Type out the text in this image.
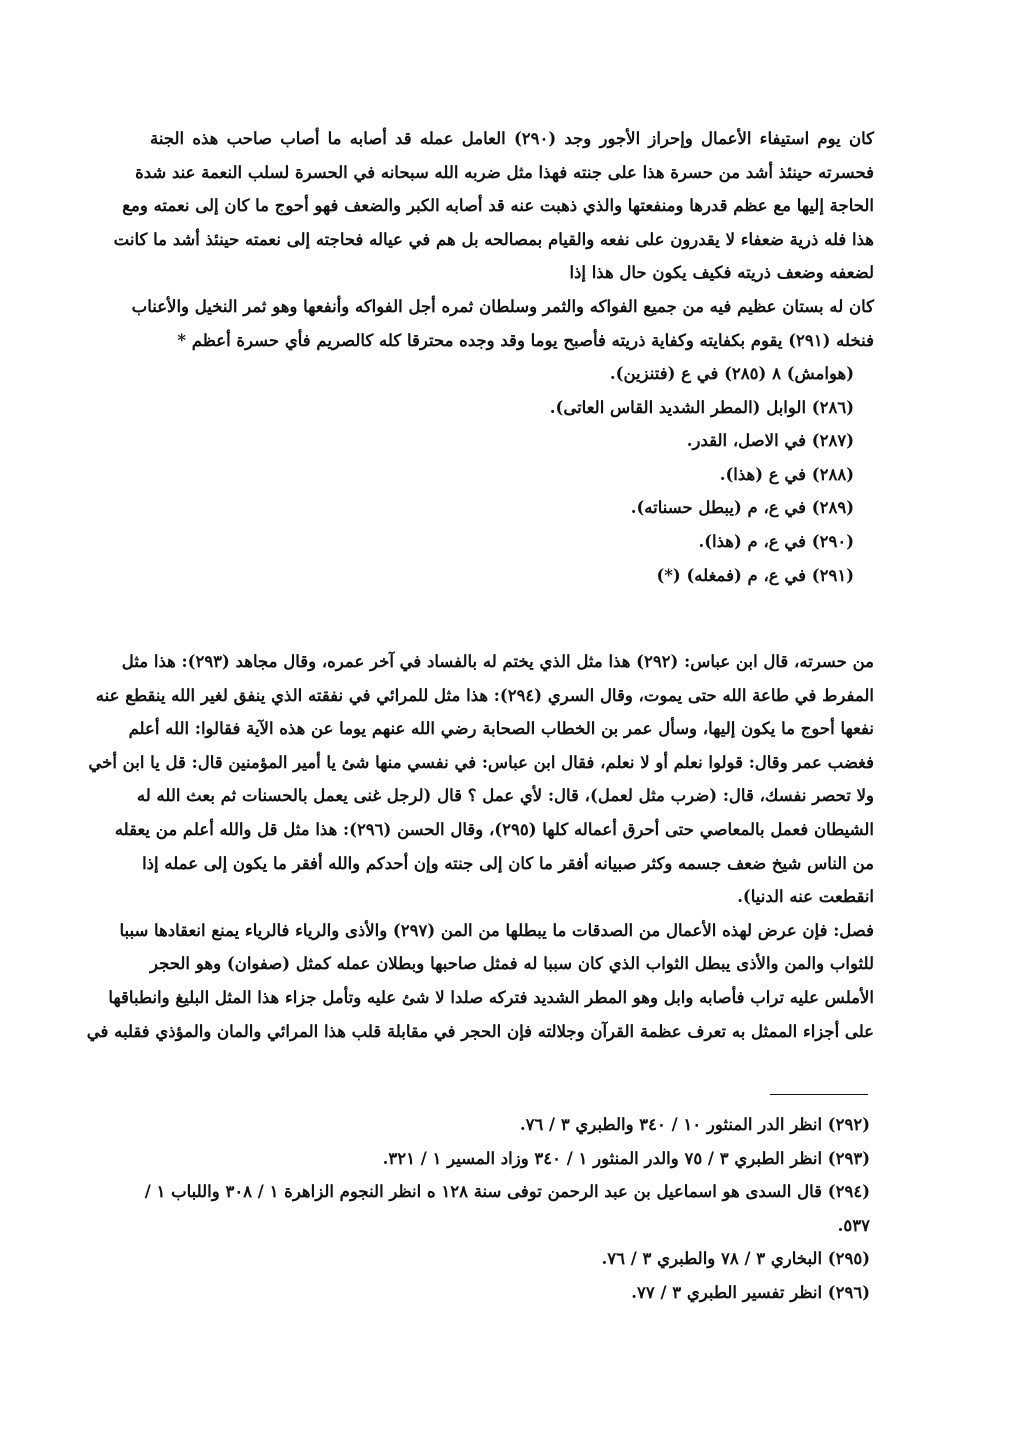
كان يوم استيفاء الأعمال وإحراز الأجور وجد (٢٩٠) العامل عمله قد أصابه ما أصاب صاحب هذه الجنة
فحسرته حينئذ أشد من حسرة هذا على جنته فهذا مثل ضربه الله سبحانه في الحسرة لسلب النعمة عند شدة
الحاجة إليها مع عظم قدرها ومنفعتها والذي ذهبت عنه قد أصابه الكبر والضعف فهو أحوج ما كان إلى نعمته ومع
هذا فله ذرية ضعفاء لا يقدرون على نفعه والقيام بمصالحه بل هم في عياله فحاجته إلى نعمته حينئذ أشد ما كانت
لضعفه وضعف ذريته فكيف يكون حال هذا إذا
كان له بستان عظيم فيه من جميع الفواكه والثمر وسلطان ثمره أجل الفواكه وأنفعها وهو ثمر النخيل والأعناب
فنخله (٢٩١) يقوم بكفايته وكفاية ذريته فأصبح يوما وقد وجده محترقا كله كالصريم فأي حسرة أعظم *
(هوامش) ٨ (٢٨٥) في ع (فتنزين).
(٢٨٦) الوابل (المطر الشديد القاس العاتى).
(٢٨٧) في الاصل، القدر.
(٢٨٨) في ع (هذا).
(٢٨٩) في ع، م (يبطل حسناته).
(٢٩٠) في ع، م (هذا).
(٢٩١) في ع، م (فمغله) (*)
من حسرته، قال ابن عباس: (٢٩٢) هذا مثل الذي يختم له بالفساد في آخر عمره، وقال مجاهد (٢٩٣): هذا مثل
المفرط في طاعة الله حتى يموت، وقال السري (٢٩٤): هذا مثل للمرائي في نفقته الذي ينفق لغير الله ينقطع عنه
نفعها أحوج ما يكون إليها، وسأل عمر بن الخطاب الصحابة رضي الله عنهم يوما عن هذه الآية فقالوا: الله أعلم
فغضب عمر وقال: قولوا نعلم أو لا نعلم، فقال ابن عباس: في نفسي منها شئ يا أمير المؤمنين قال: قل يا ابن أخي
ولا تحصر نفسك، قال: (ضرب مثل لعمل)، قال: لأي عمل ؟ قال (لرجل غنى يعمل بالحسنات ثم بعث الله له
الشيطان فعمل بالمعاصي حتى أحرق أعماله كلها (٢٩٥)، وقال الحسن (٢٩٦): هذا مثل قل والله أعلم من يعقله
من الناس شيخ ضعف جسمه وكثر صبيانه أفقر ما كان إلى جنته وإن أحدكم والله أفقر ما يكون إلى عمله إذا
انقطعت عنه الدنيا).
فصل: فإن عرض لهذه الأعمال من الصدقات ما يبطلها من المن (٢٩٧) والأذى والرياء فالرياء يمنع انعقادها سببا
للثواب والمن والأذى يبطل الثواب الذي كان سببا له فمثل صاحبها وبطلان عمله كمثل (صفوان) وهو الحجر
الأملس عليه تراب فأصابه وابل وهو المطر الشديد فتركه صلدا لا شئ عليه وتأمل جزاء هذا المثل البليغ وانطباقها
على أجزاء الممثل به تعرف عظمة القرآن وجلالته فإن الحجر في مقابلة قلب هذا المرائي والمان والمؤذي فقلبه في
(٢٩٢) انظر الدر المنثور ١٠ / ٣٤٠ والطبري ٣ / ٧٦.
(٢٩٣) انظر الطبري ٣ / ٧٥ والدر المنثور ١ / ٣٤٠ وزاد المسير ١ / ٣٢١.
(٢٩٤) قال السدى هو اسماعيل بن عبد الرحمن توفى سنة ١٢٨ ه انظر النجوم الزاهرة ١ / ٣٠٨ واللباب ١ /
٥٣٧.
(٢٩٥) البخاري ٣ / ٧٨ والطبري ٣ / ٧٦.
(٢٩٦) انظر تفسير الطبري ٣ / ٧٧.
